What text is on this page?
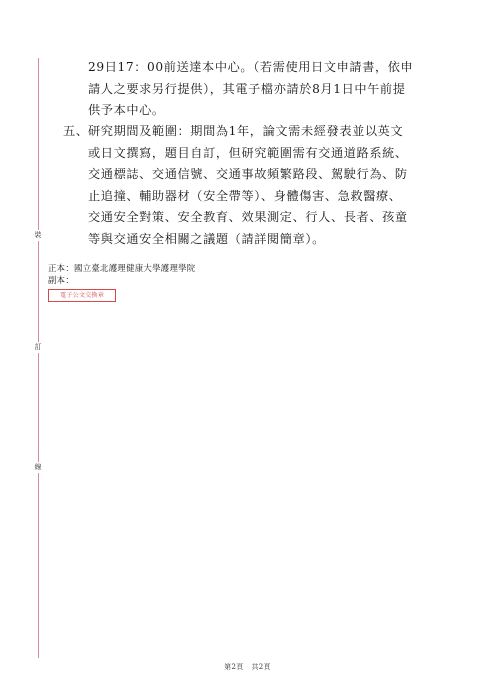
裝
訂
線
29日17：00前送達本中心。（若需使用日文申請書，依申
請人之要求另行提供），其電子檔亦請於8月1日中午前提
供予本中心。
五、研究期間及範圍：期間為1年，論文需未經發表並以英文
或日文撰寫，題目自訂，但研究範圍需有交通道路系統、
交通標誌、交通信號、交通事故頻繁路段、駕駛行為、防
止追撞、輔助器材（安全帶等）、身體傷害、急救醫療、
交通安全對策、安全教育、效果測定、行人、長者、孩童
等與交通安全相關之議題（請詳閱簡章）。
正本：國立臺北護理健康大學護理學院
副本：
電子公文交換章
第2頁 共2頁
